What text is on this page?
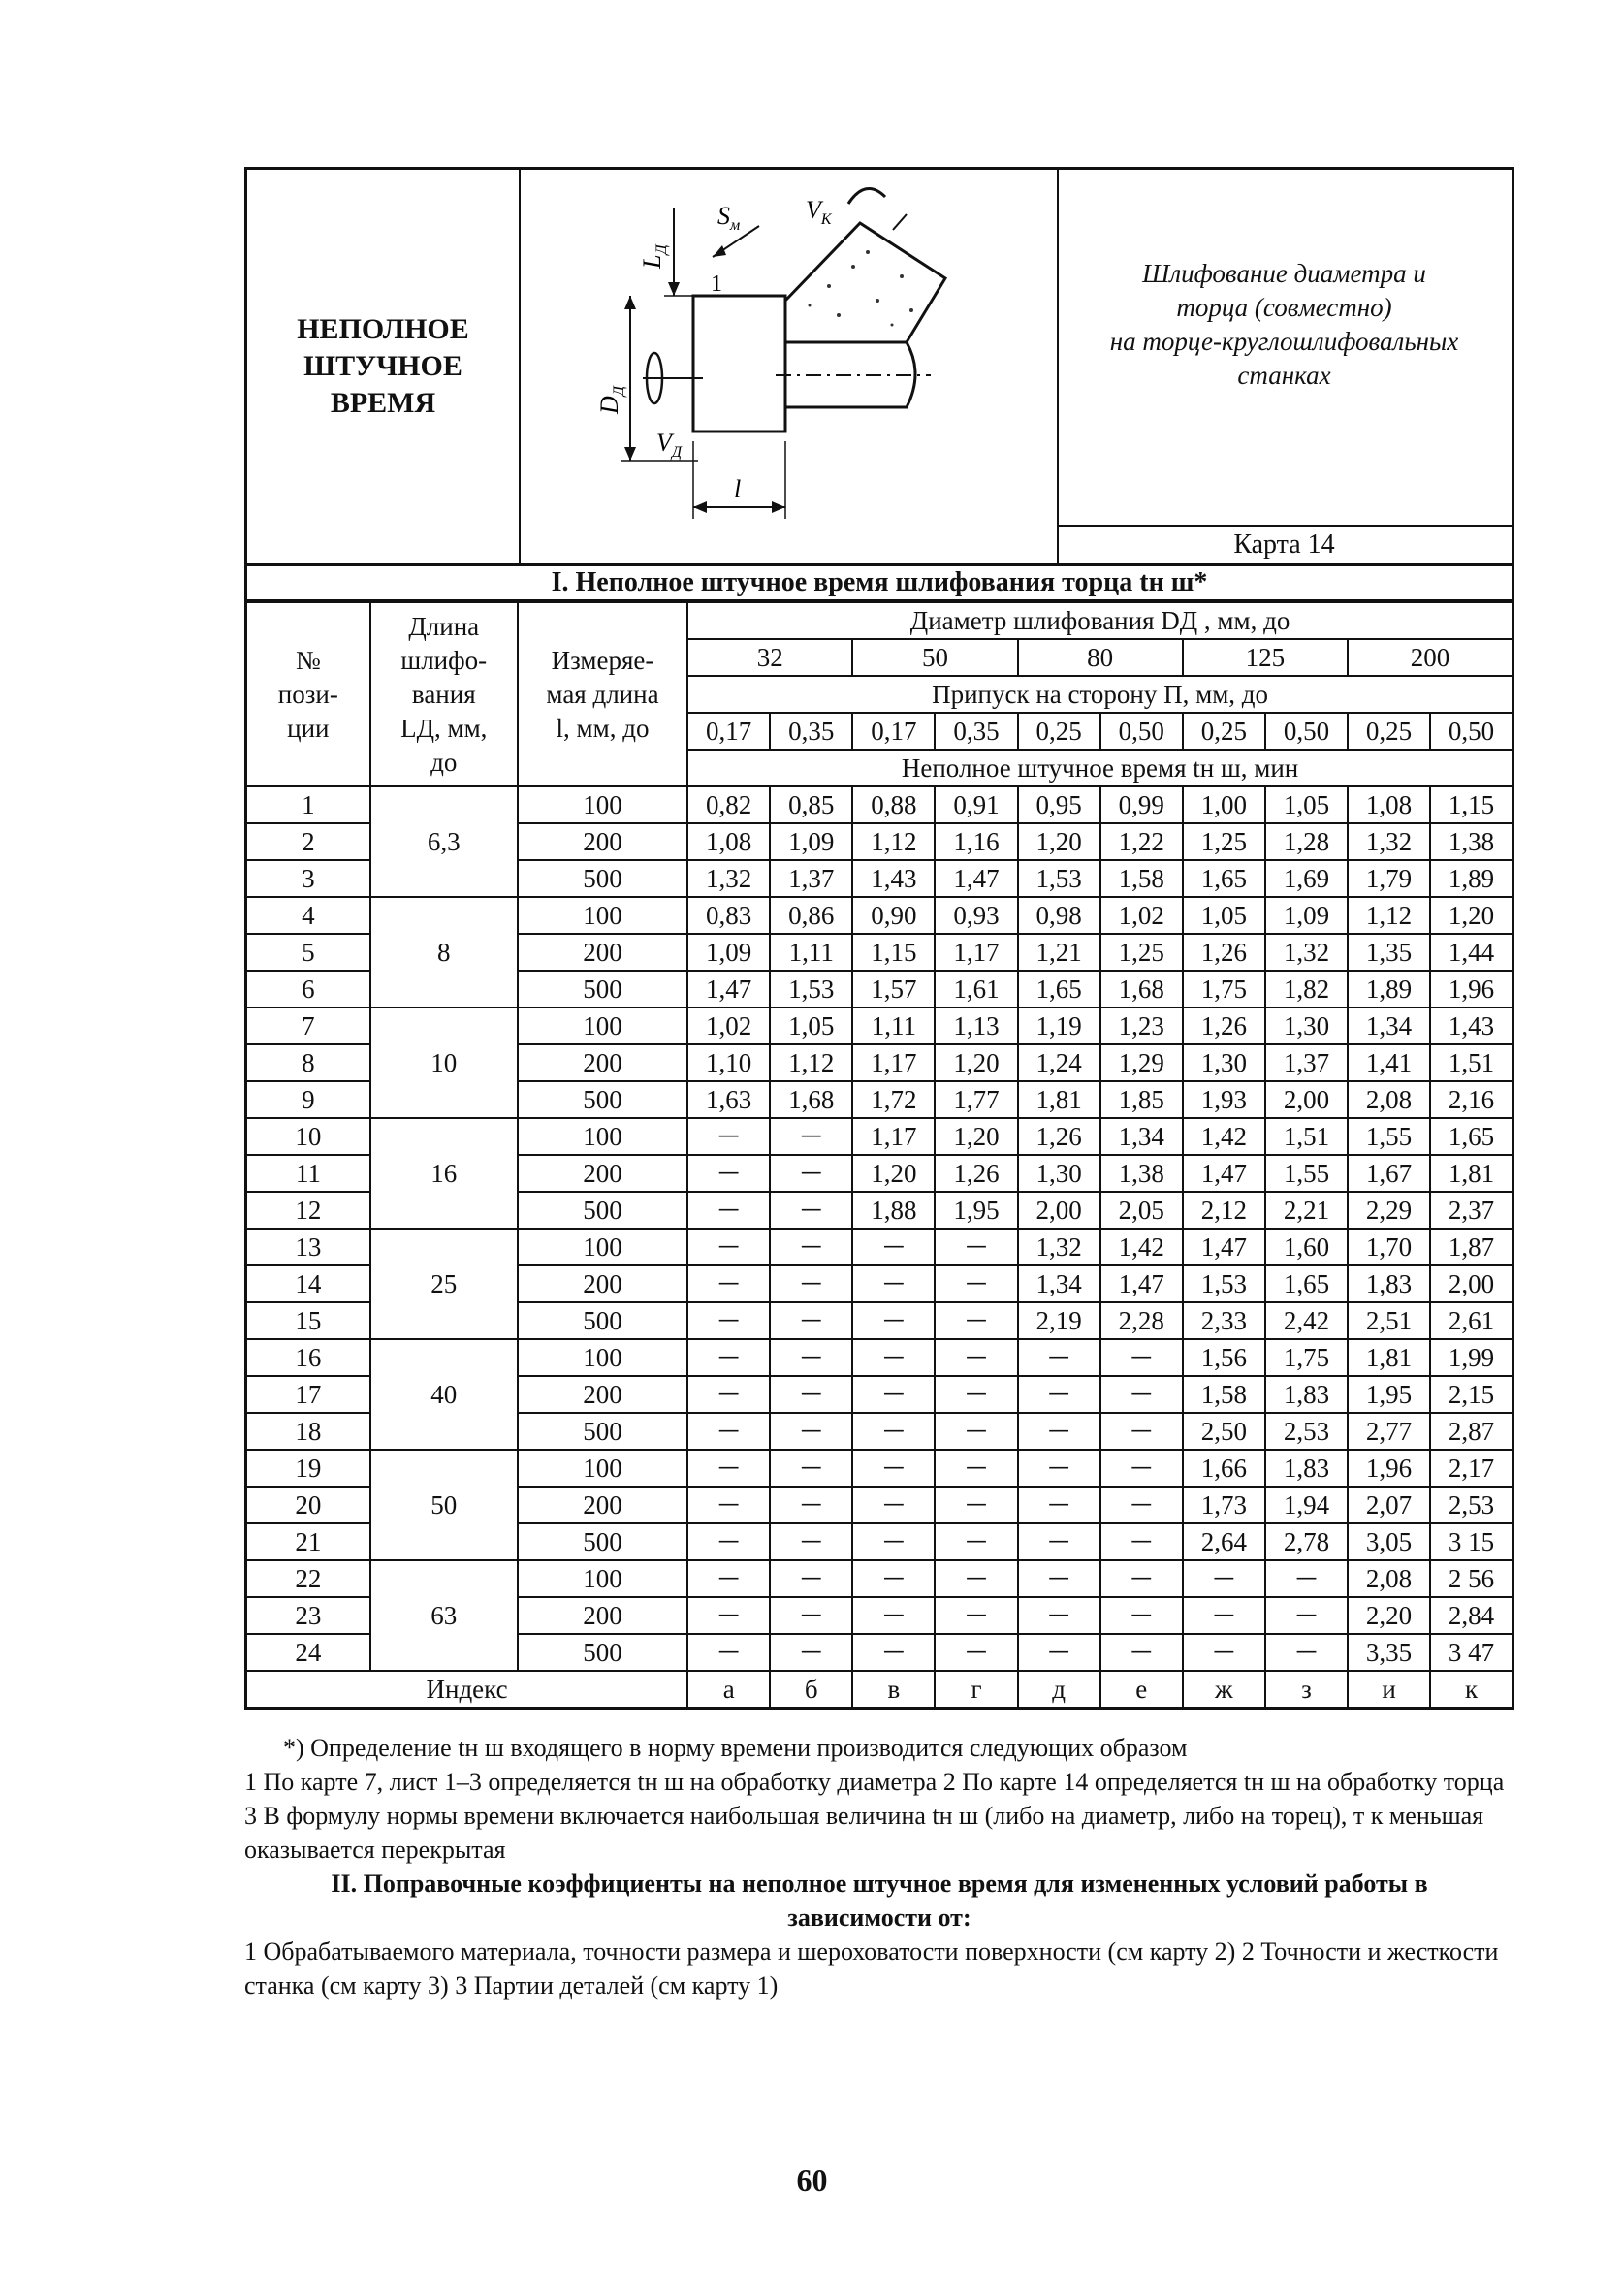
НЕПОЛНОЕ
ШТУЧНОЕ
ВРЕМЯ
$S_м$
$V_K$
$L_Д$
$D_Д$
$V_Д$
l
1	Шлифование диаметра и
торца (совместно)
на торце-круглошлифовальных
станках
Карта 14
I. Неполное штучное время шлифования торца tн ш*
№
пози-
ции	Длина
шлифо-
вания
LД, мм,
до	Измеряе-
мая длина
l, мм, до	Диаметр шлифования DД , мм, до									
			32		50		80		125		200	
			Припуск на сторону П, мм, до									
			0,17	0,35	0,17	0,35	0,25	0,50	0,25	0,50	0,25	0,50
			Неполное штучное время tн ш, мин									
1	6,3	100	0,82	0,85	0,88	0,91	0,95	0,99	1,00	1,05	1,08	1,15
2		200	1,08	1,09	1,12	1,16	1,20	1,22	1,25	1,28	1,32	1,38
3		500	1,32	1,37	1,43	1,47	1,53	1,58	1,65	1,69	1,79	1,89
4	8	100	0,83	0,86	0,90	0,93	0,98	1,02	1,05	1,09	1,12	1,20
5		200	1,09	1,11	1,15	1,17	1,21	1,25	1,26	1,32	1,35	1,44
6		500	1,47	1,53	1,57	1,61	1,65	1,68	1,75	1,82	1,89	1,96
7	10	100	1,02	1,05	1,11	1,13	1,19	1,23	1,26	1,30	1,34	1,43
8		200	1,10	1,12	1,17	1,20	1,24	1,29	1,30	1,37	1,41	1,51
9		500	1,63	1,68	1,72	1,77	1,81	1,85	1,93	2,00	2,08	2,16
10	16	100	—	—	1,17	1,20	1,26	1,34	1,42	1,51	1,55	1,65
11		200	—	—	1,20	1,26	1,30	1,38	1,47	1,55	1,67	1,81
12		500	—	—	1,88	1,95	2,00	2,05	2,12	2,21	2,29	2,37
13	25	100	—	—	—	—	1,32	1,42	1,47	1,60	1,70	1,87
14		200	—	—	—	—	1,34	1,47	1,53	1,65	1,83	2,00
15		500	—	—	—	—	2,19	2,28	2,33	2,42	2,51	2,61
16	40	100	—	—	—	—	—	—	1,56	1,75	1,81	1,99
17		200	—	—	—	—	—	—	1,58	1,83	1,95	2,15
18		500	—	—	—	—	—	—	2,50	2,53	2,77	2,87
19	50	100	—	—	—	—	—	—	1,66	1,83	1,96	2,17
20		200	—	—	—	—	—	—	1,73	1,94	2,07	2,53
21		500	—	—	—	—	—	—	2,64	2,78	3,05	3 15
22	63	100	—	—	—	—	—	—	—	—	2,08	2 56
23		200	—	—	—	—	—	—	—	—	2,20	2,84
24		500	—	—	—	—	—	—	—	—	3,35	3 47
Индекс			а	б	в	г	д	е	ж	з	и	к

*) Определение tн ш входящего в норму времени производится следующих образом

1 По карте 7, лист 1–3 определяется tн ш на обработку диаметра 2 По карте 14 определяется tн ш на обработку торца 3 В формулу нормы времени включается наибольшая величина tн ш (либо на диаметр, либо на торец), т к меньшая оказывается перекрытая

II. Поправочные коэффициенты на неполное штучное время для измененных условий работы в зависимости от:

1 Обрабатываемого материала, точности размера и шероховатости поверхности (см карту 2) 2 Точности и жесткости станка (см карту 3) 3 Партии деталей (см карту 1)

60
